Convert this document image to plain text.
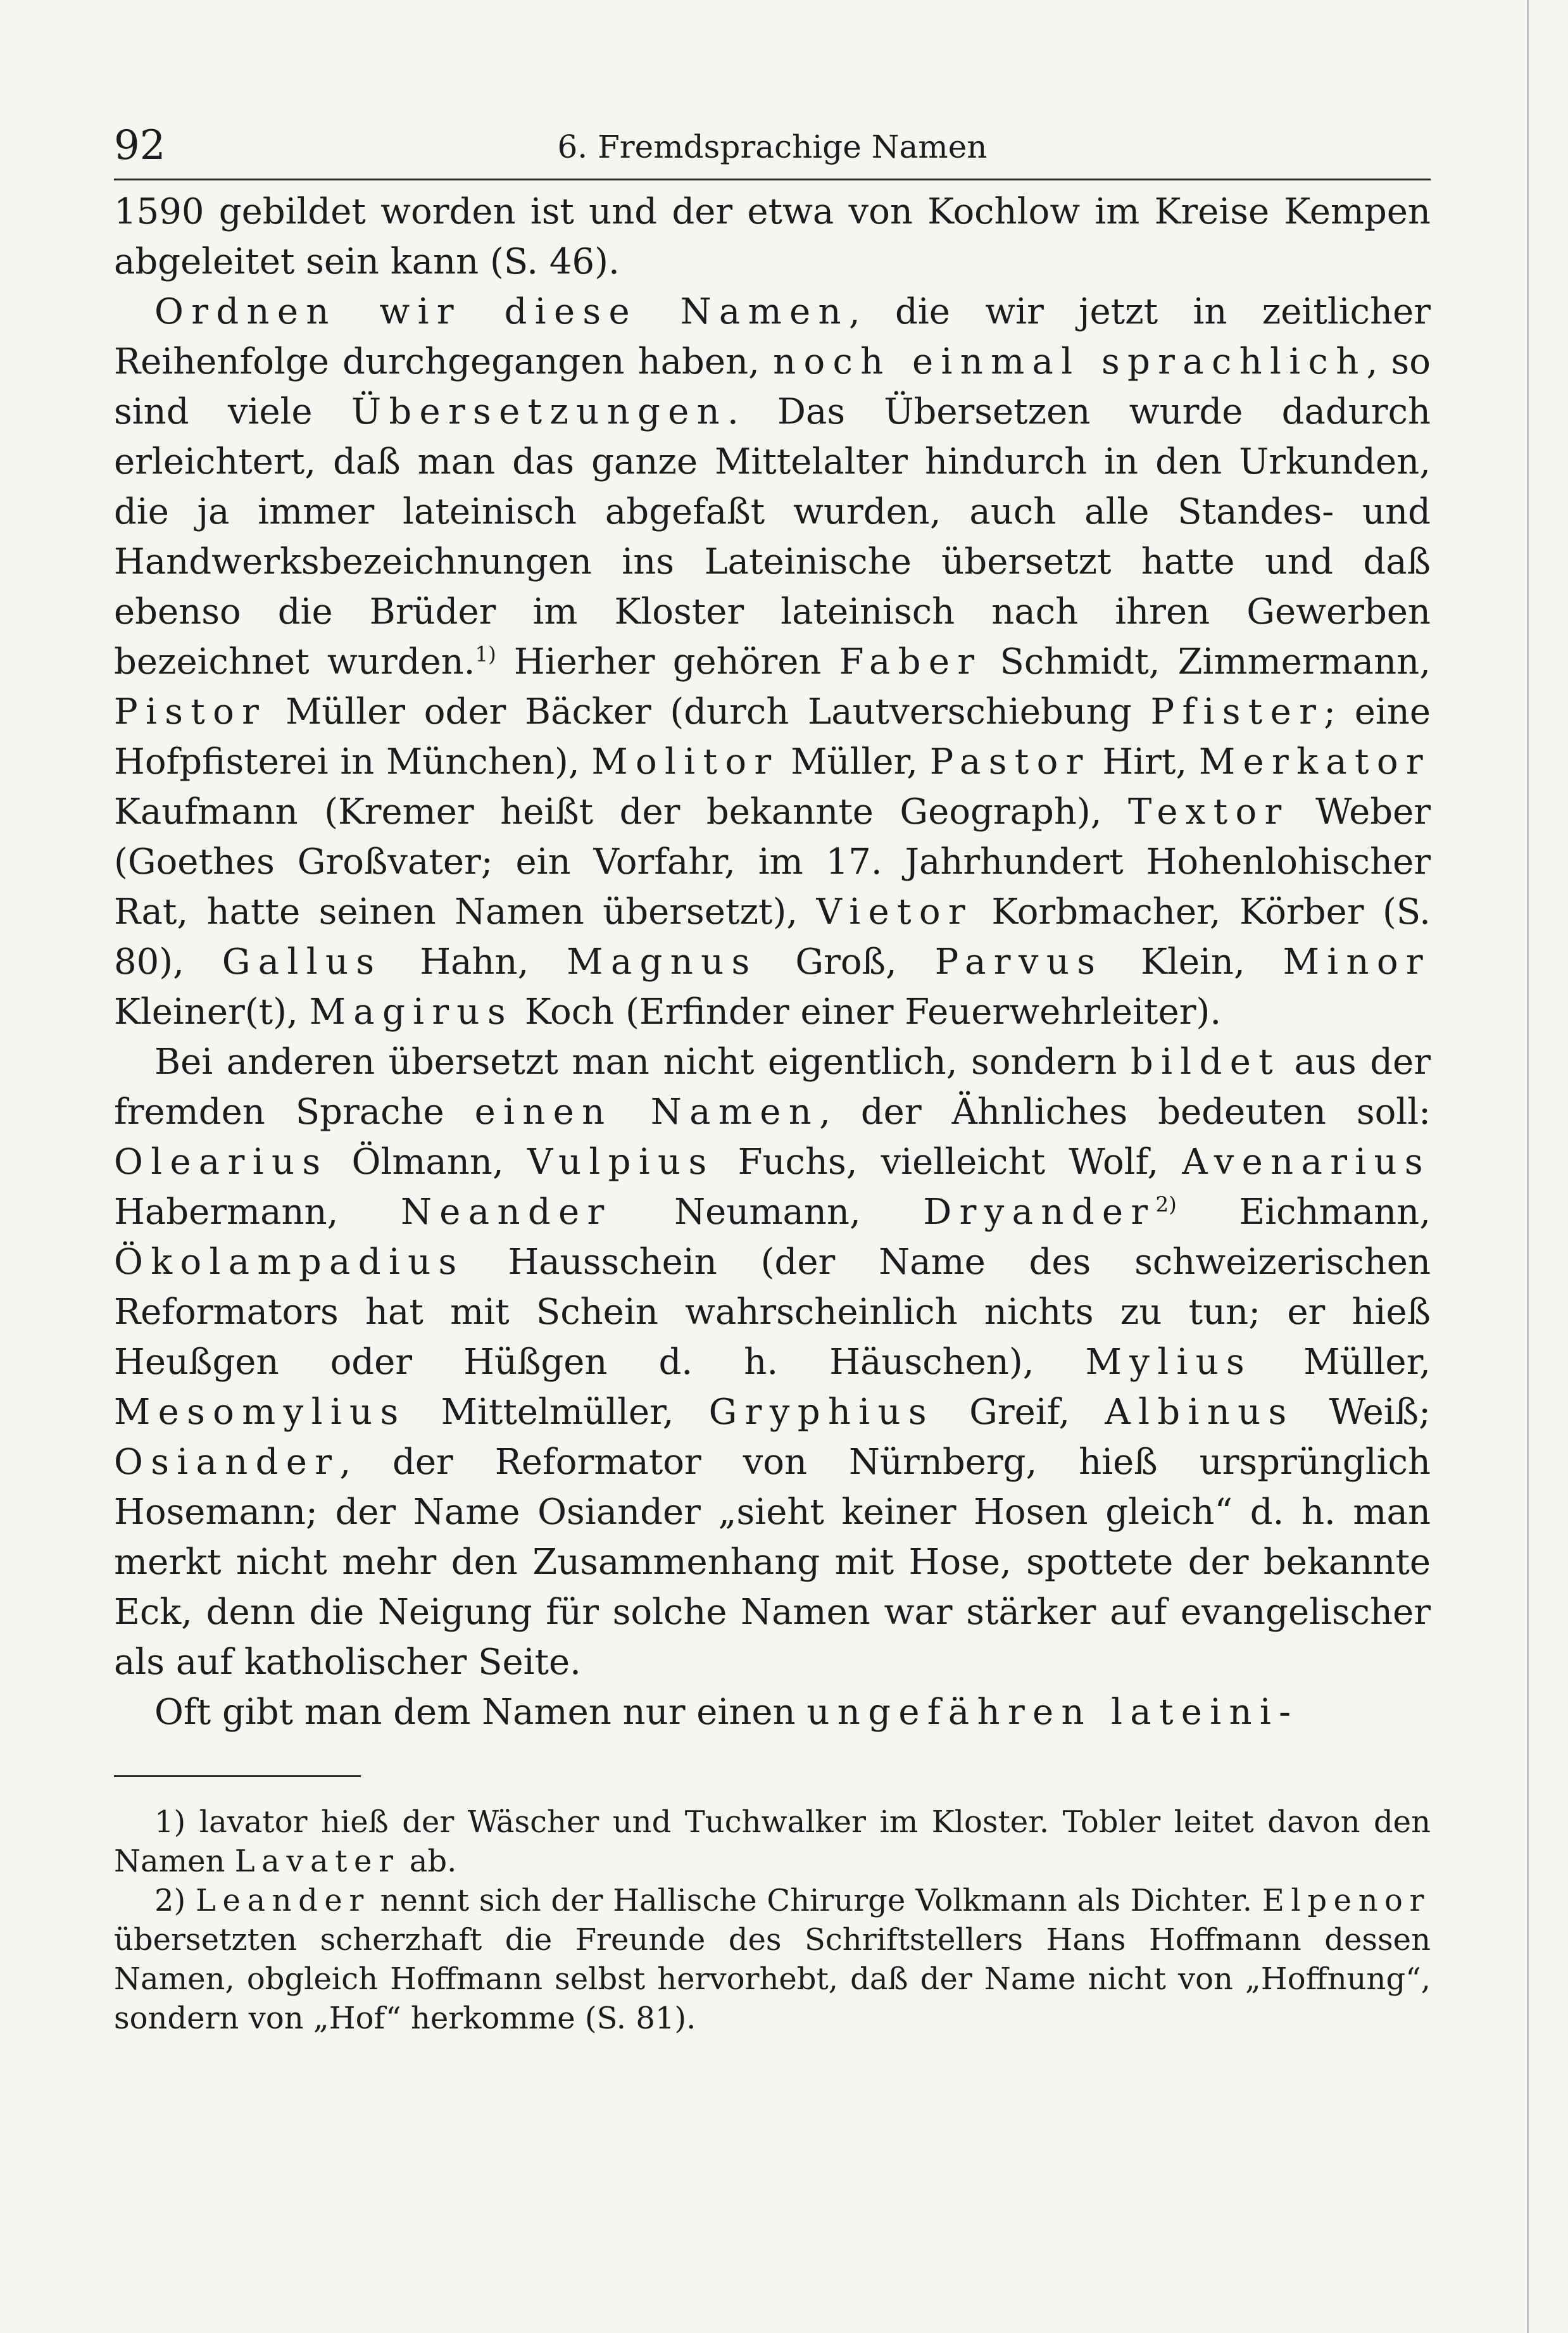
92	6. Fremdsprachige Namen

1590 gebildet worden ist und der etwa von Kochlow im Kreise Kempen abgeleitet sein kann (S. 46).

Ordnen wir diese Namen, die wir jetzt in zeitlicher Reihenfolge durchgegangen haben, noch einmal sprachlich, so sind viele Übersetzungen. Das Übersetzen wurde dadurch erleichtert, daß man das ganze Mittelalter hindurch in den Urkunden, die ja immer lateinisch abgefaßt wurden, auch alle Standes- und Handwerksbezeichnungen ins Lateinische übersetzt hatte und daß ebenso die Brüder im Kloster lateinisch nach ihren Gewerben bezeichnet wurden.$^{1)}$ Hierher gehören Faber Schmidt, Zimmermann, Pistor Müller oder Bäcker (durch Lautverschiebung Pfister; eine Hofpfisterei in München), Molitor Müller, Pastor Hirt, Merkator Kaufmann (Kremer heißt der bekannte Geograph), Textor Weber (Goethes Großvater; ein Vorfahr, im 17. Jahrhundert Hohenlohischer Rat, hatte seinen Namen übersetzt), Vietor Korbmacher, Körber (S. 80), Gallus Hahn, Magnus Groß, Parvus Klein, Minor Kleiner(t), Magirus Koch (Erfinder einer Feuerwehrleiter).

Bei anderen übersetzt man nicht eigentlich, sondern bildet aus der fremden Sprache einen Namen, der Ähnliches bedeuten soll: Olearius Ölmann, Vulpius Fuchs, vielleicht Wolf, Avenarius Habermann, Neander Neumann, Dryander$^{2)}$ Eichmann, Ökolampadius Hausschein (der Name des schweizerischen Reformators hat mit Schein wahrscheinlich nichts zu tun; er hieß Heußgen oder Hüßgen d. h. Häuschen), Mylius Müller, Mesomylius Mittelmüller, Gryphius Greif, Albinus Weiß; Osiander, der Reformator von Nürnberg, hieß ursprünglich Hosemann; der Name Osiander „sieht keiner Hosen gleich“ d. h. man merkt nicht mehr den Zusammenhang mit Hose, spottete der bekannte Eck, denn die Neigung für solche Namen war stärker auf evangelischer als auf katholischer Seite.

Oft gibt man dem Namen nur einen ungefähren lateini-

1) lavator hieß der Wäscher und Tuchwalker im Kloster. Tobler leitet davon den Namen Lavater ab.

2) Leander nennt sich der Hallische Chirurge Volkmann als Dichter. Elpenor übersetzten scherzhaft die Freunde des Schriftstellers Hans Hoffmann dessen Namen, obgleich Hoffmann selbst hervorhebt, daß der Name nicht von „Hoffnung“, sondern von „Hof“ herkomme (S. 81).
